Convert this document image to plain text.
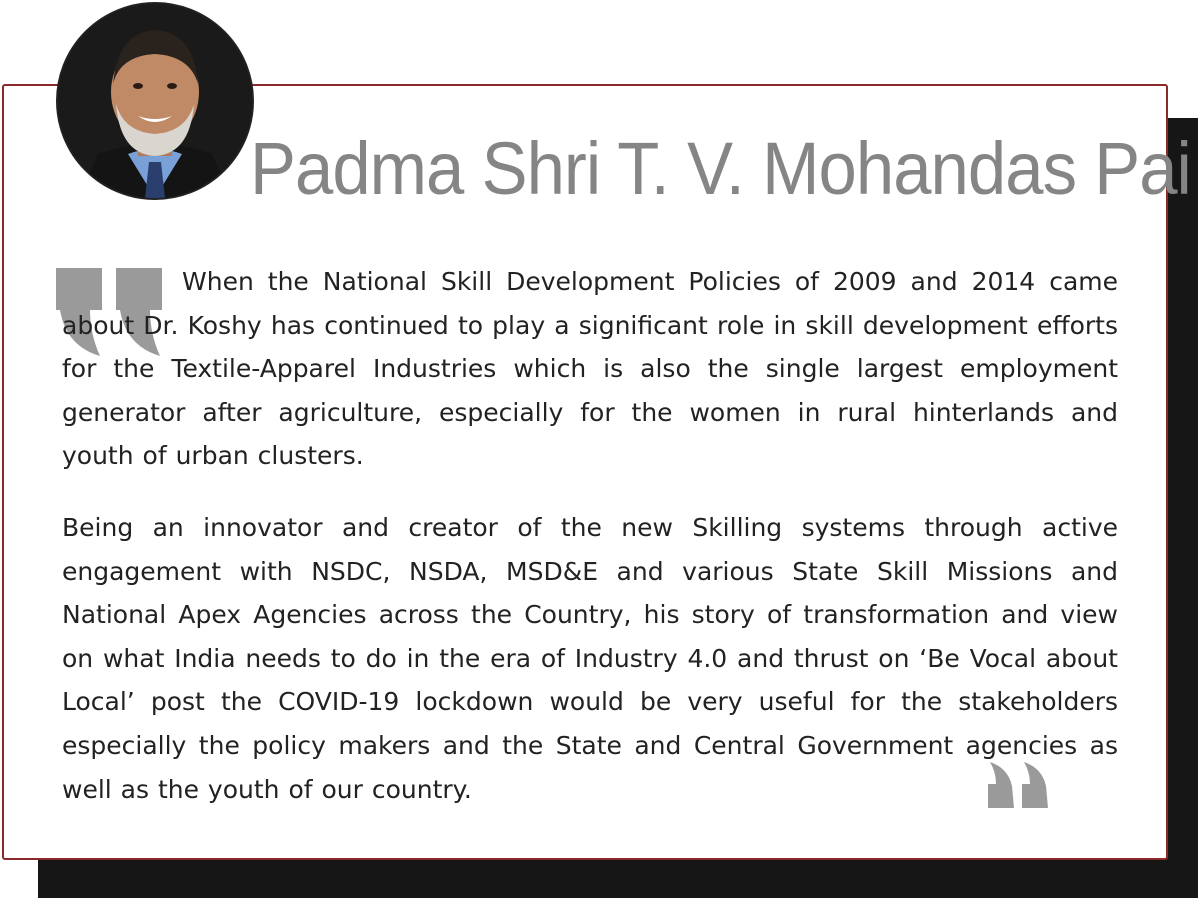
Padma Shri T. V. Mohandas Pai
When the National Skill Development Policies of 2009 and 2014 came about Dr. Koshy has continued to play a significant role in skill development efforts for the Textile-Apparel Industries which is also the single largest employment generator after agriculture, especially for the women in rural hinterlands and youth of urban clusters.
Being an innovator and creator of the new Skilling systems through active engagement with NSDC, NSDA, MSD&E and various State Skill Missions and National Apex Agencies across the Country, his story of transformation and view on what India needs to do in the era of Industry 4.0 and thrust on ‘Be Vocal about Local’ post the COVID-19 lockdown would be very useful for the stakeholders especially the policy makers and the State and Central Government agencies as well as the youth of our country.
